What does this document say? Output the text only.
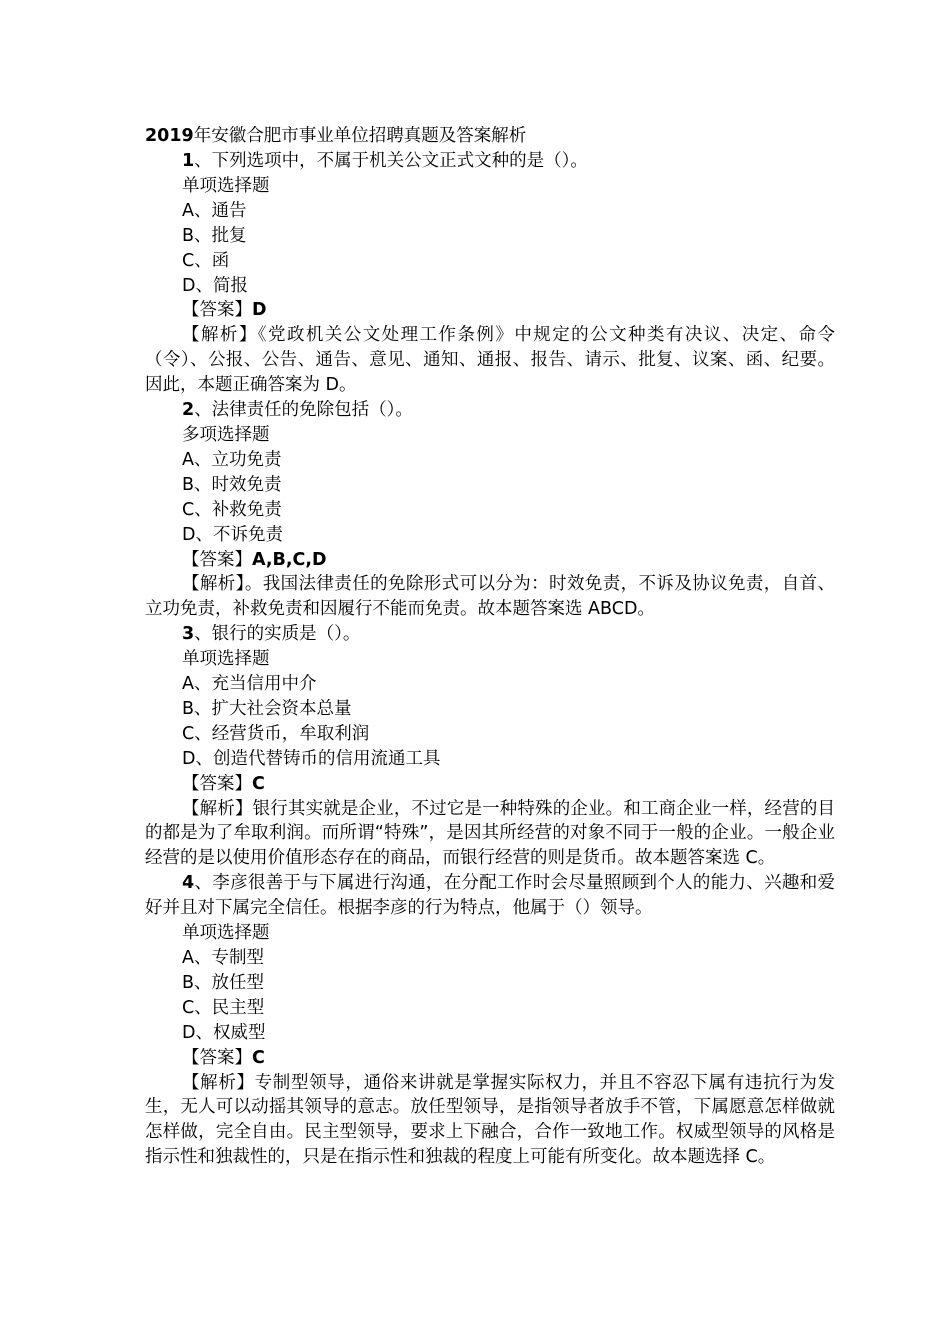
2019年安徽合肥市事业单位招聘真题及答案解析
1、下列选项中，不属于机关公文正式文种的是（）。
单项选择题
A、通告
B、批复
C、函
D、简报
【答案】D
【解析】《党政机关公文处理工作条例》中规定的公文种类有决议、决定、命令（令）、公报、公告、通告、意见、通知、通报、报告、请示、批复、议案、函、纪要。因此，本题正确答案为 D。
2、法律责任的免除包括（）。
多项选择题
A、立功免责
B、时效免责
C、补救免责
D、不诉免责
【答案】A,B,C,D
【解析】。我国法律责任的免除形式可以分为：时效免责，不诉及协议免责，自首、立功免责，补救免责和因履行不能而免责。故本题答案选 ABCD。
3、银行的实质是（）。
单项选择题
A、充当信用中介
B、扩大社会资本总量
C、经营货币，牟取利润
D、创造代替铸币的信用流通工具
【答案】C
【解析】银行其实就是企业，不过它是一种特殊的企业。和工商企业一样，经营的目的都是为了牟取利润。而所谓“特殊”，是因其所经营的对象不同于一般的企业。一般企业经营的是以使用价值形态存在的商品，而银行经营的则是货币。故本题答案选 C。
4、李彦很善于与下属进行沟通，在分配工作时会尽量照顾到个人的能力、兴趣和爱好并且对下属完全信任。根据李彦的行为特点，他属于（）领导。
单项选择题
A、专制型
B、放任型
C、民主型
D、权威型
【答案】C
【解析】专制型领导，通俗来讲就是掌握实际权力，并且不容忍下属有违抗行为发生，无人可以动摇其领导的意志。放任型领导，是指领导者放手不管，下属愿意怎样做就怎样做，完全自由。民主型领导，要求上下融合，合作一致地工作。权威型领导的风格是指示性和独裁性的，只是在指示性和独裁的程度上可能有所变化。故本题选择 C。
